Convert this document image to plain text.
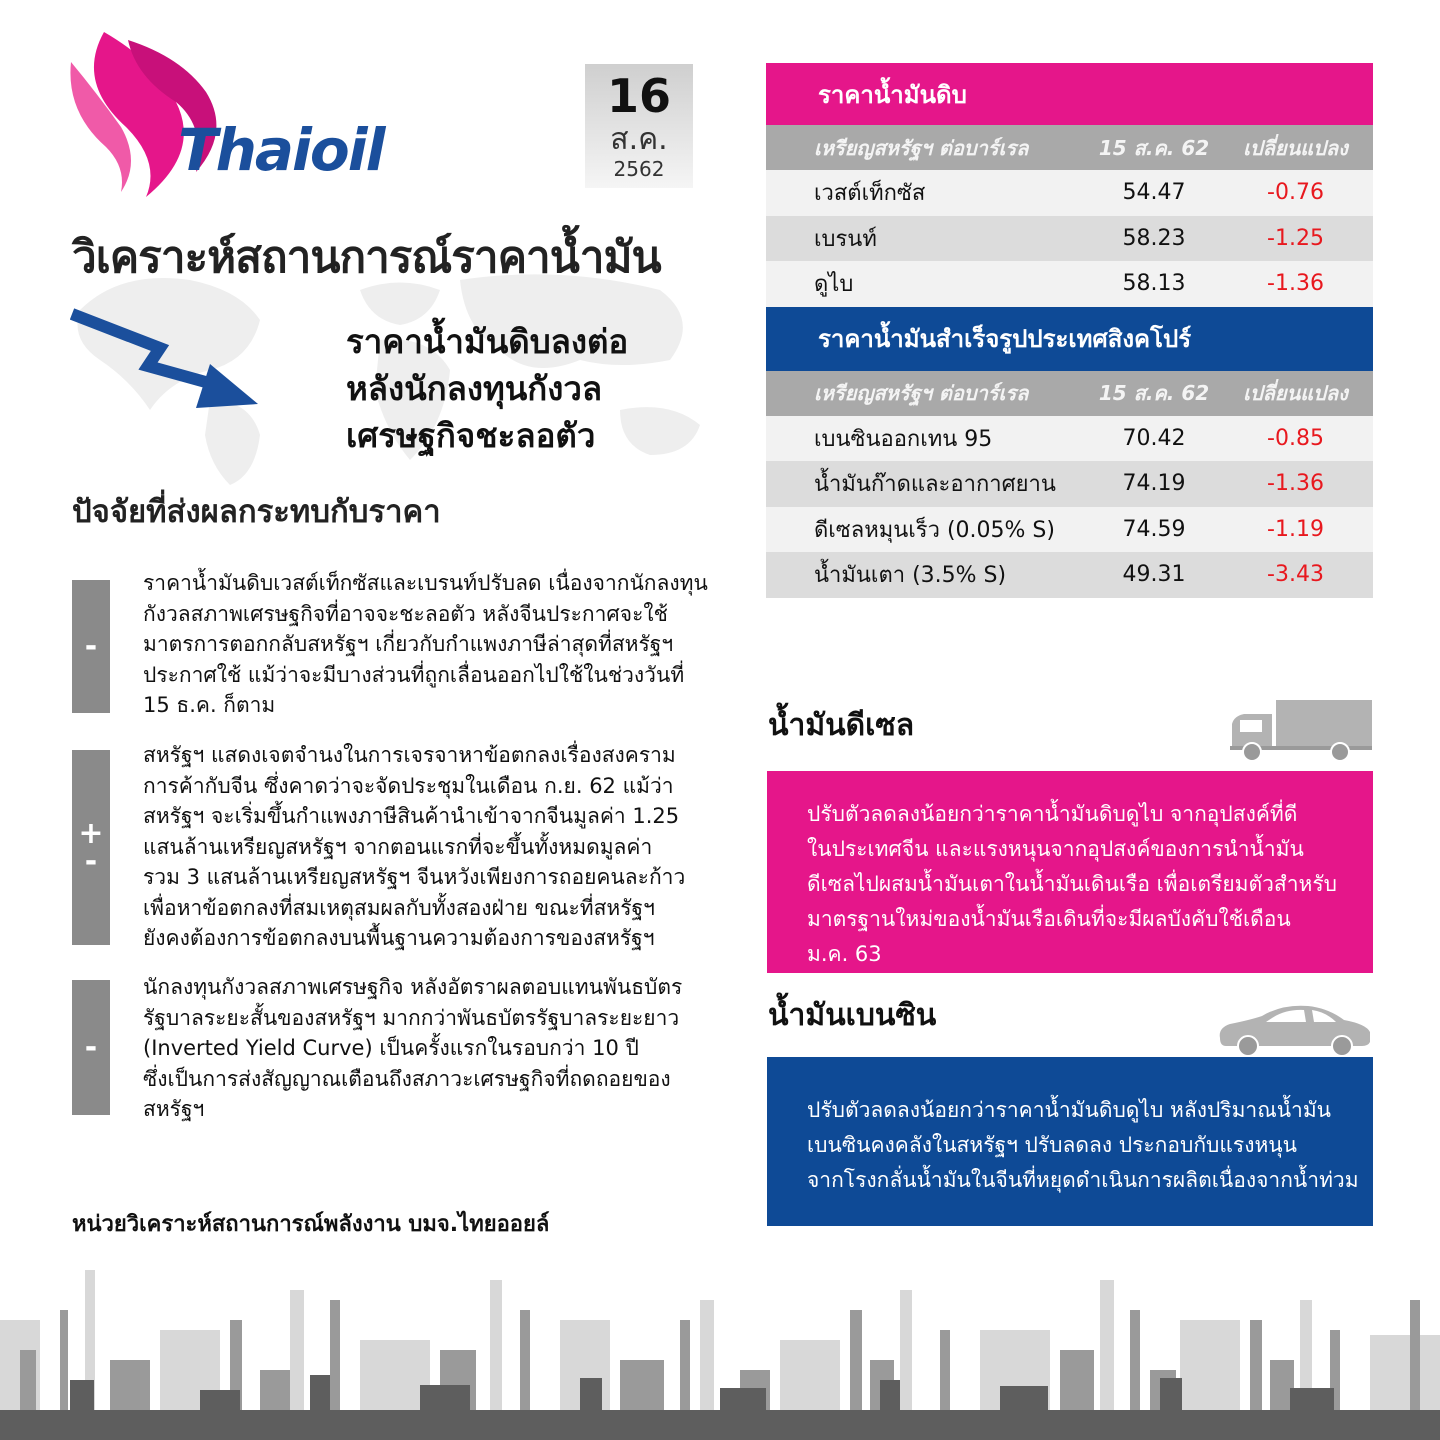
Thaioil
16
ส.ค.
2562
วิเคราะห์สถานการณ์ราคาน้ำมัน
ราคาน้ำมันดิบลงต่อ
หลังนักลงทุนกังวล
เศรษฐกิจชะลอตัว
ปัจจัยที่ส่งผลกระทบกับราคา
-
ราคาน้ำมันดิบเวสต์เท็กซัสและเบรนท์ปรับลด เนื่องจากนักลงทุน
กังวลสภาพเศรษฐกิจที่อาจจะชะลอตัว หลังจีนประกาศจะใช้
มาตรการตอกกลับสหรัฐฯ เกี่ยวกับกำแพงภาษีล่าสุดที่สหรัฐฯ
ประกาศใช้ แม้ว่าจะมีบางส่วนที่ถูกเลื่อนออกไปใช้ในช่วงวันที่
15 ธ.ค. ก็ตาม
+
-
สหรัฐฯ แสดงเจตจำนงในการเจรจาหาข้อตกลงเรื่องสงคราม
การค้ากับจีน ซึ่งคาดว่าจะจัดประชุมในเดือน ก.ย. 62 แม้ว่า
สหรัฐฯ จะเริ่มขึ้นกำแพงภาษีสินค้านำเข้าจากจีนมูลค่า 1.25
แสนล้านเหรียญสหรัฐฯ จากตอนแรกที่จะขึ้นทั้งหมดมูลค่า
รวม 3 แสนล้านเหรียญสหรัฐฯ จีนหวังเพียงการถอยคนละก้าว
เพื่อหาข้อตกลงที่สมเหตุสมผลกับทั้งสองฝ่าย ขณะที่สหรัฐฯ
ยังคงต้องการข้อตกลงบนพื้นฐานความต้องการของสหรัฐฯ
-
นักลงทุนกังวลสภาพเศรษฐกิจ หลังอัตราผลตอบแทนพันธบัตร
รัฐบาลระยะสั้นของสหรัฐฯ มากกว่าพันธบัตรรัฐบาลระยะยาว
(Inverted Yield Curve) เป็นครั้งแรกในรอบกว่า 10 ปี
ซึ่งเป็นการส่งสัญญาณเตือนถึงสภาวะเศรษฐกิจที่ถดถอยของ
สหรัฐฯ
หน่วยวิเคราะห์สถานการณ์พลังงาน บมจ.ไทยออยล์
ราคาน้ำมันดิบ
เหรียญสหรัฐฯ ต่อบาร์เรล	15 ส.ค. 62	เปลี่ยนแปลง
เวสต์เท็กซัส	54.47	-0.76
เบรนท์	58.23	-1.25
ดูไบ	58.13	-1.36
ราคาน้ำมันสำเร็จรูปประเทศสิงคโปร์
เหรียญสหรัฐฯ ต่อบาร์เรล	15 ส.ค. 62	เปลี่ยนแปลง
เบนซินออกเทน 95	70.42	-0.85
น้ำมันก๊าดและอากาศยาน	74.19	-1.36
ดีเซลหมุนเร็ว (0.05% S)	74.59	-1.19
น้ำมันเตา (3.5% S)	49.31	-3.43
น้ำมันดีเซล
ปรับตัวลดลงน้อยกว่าราคาน้ำมันดิบดูไบ จากอุปสงค์ที่ดี
ในประเทศจีน และแรงหนุนจากอุปสงค์ของการนำน้ำมัน
ดีเซลไปผสมน้ำมันเตาในน้ำมันเดินเรือ เพื่อเตรียมตัวสำหรับ
มาตรฐานใหม่ของน้ำมันเรือเดินที่จะมีผลบังคับใช้เดือน
ม.ค. 63
น้ำมันเบนซิน
ปรับตัวลดลงน้อยกว่าราคาน้ำมันดิบดูไบ หลังปริมาณน้ำมัน
เบนซินคงคลังในสหรัฐฯ ปรับลดลง ประกอบกับแรงหนุน
จากโรงกลั่นน้ำมันในจีนที่หยุดดำเนินการผลิตเนื่องจากน้ำท่วม
